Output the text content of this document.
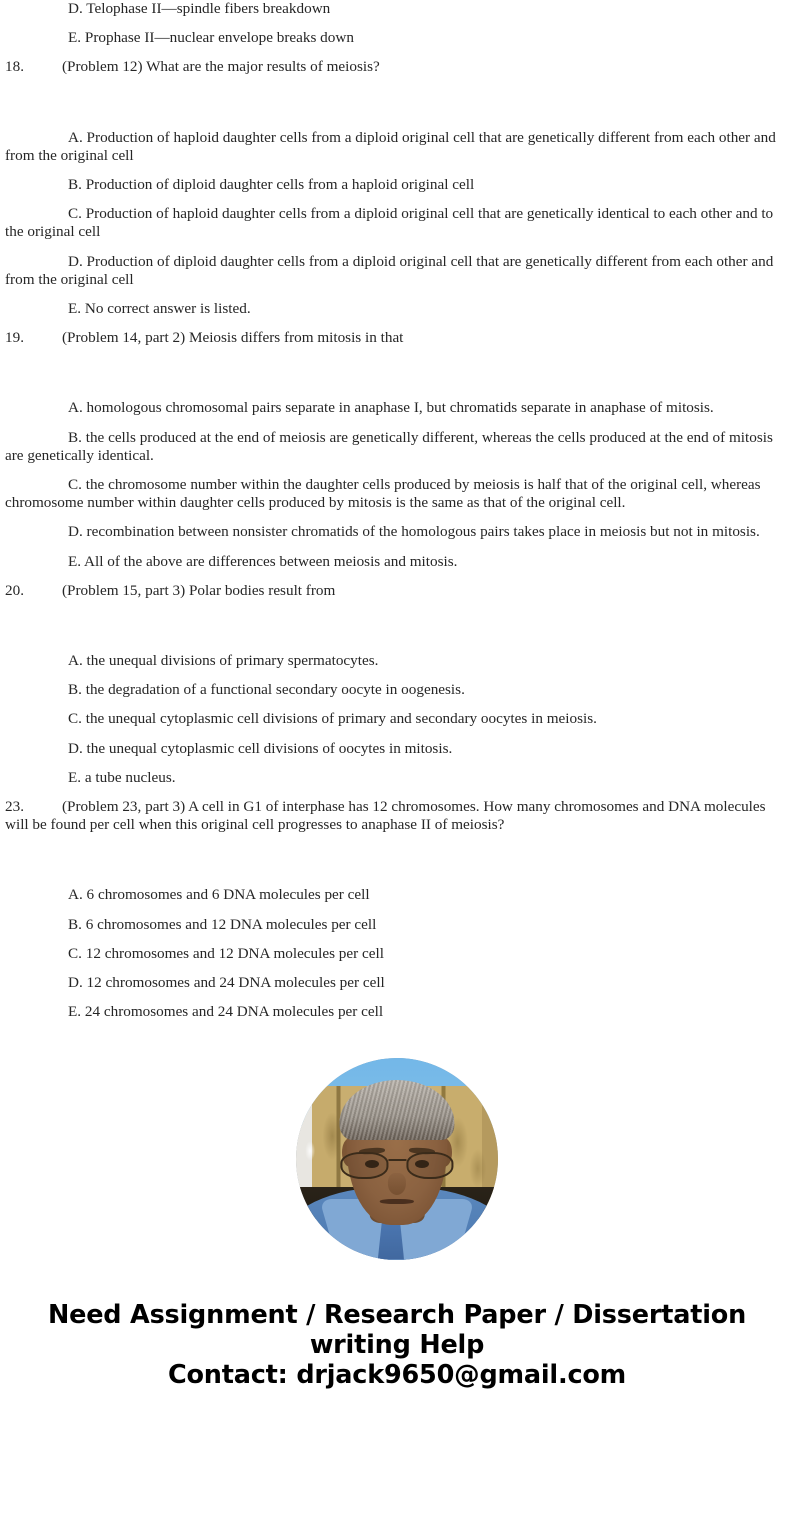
D. Telophase II—spindle fibers breakdown
E. Prophase II—nuclear envelope breaks down
18.	(Problem 12) What are the major results of meiosis?
A. Production of haploid daughter cells from a diploid original cell that are genetically different from each other and from the original cell
B. Production of diploid daughter cells from a haploid original cell
C. Production of haploid daughter cells from a diploid original cell that are genetically identical to each other and to the original cell
D. Production of diploid daughter cells from a diploid original cell that are genetically different from each other and from the original cell
E. No correct answer is listed.
19.	(Problem 14, part 2) Meiosis differs from mitosis in that
A. homologous chromosomal pairs separate in anaphase I, but chromatids separate in anaphase of mitosis.
B. the cells produced at the end of meiosis are genetically different, whereas the cells produced at the end of mitosis are genetically identical.
C. the chromosome number within the daughter cells produced by meiosis is half that of the original cell, whereas chromosome number within daughter cells produced by mitosis is the same as that of the original cell.
D. recombination between nonsister chromatids of the homologous pairs takes place in meiosis but not in mitosis.
E. All of the above are differences between meiosis and mitosis.
20.	(Problem 15, part 3) Polar bodies result from
A. the unequal divisions of primary spermatocytes.
B. the degradation of a functional secondary oocyte in oogenesis.
C. the unequal cytoplasmic cell divisions of primary and secondary oocytes in meiosis.
D. the unequal cytoplasmic cell divisions of oocytes in mitosis.
E. a tube nucleus.
23.	(Problem 23, part 3) A cell in G1 of interphase has 12 chromosomes. How many chromosomes and DNA molecules will be found per cell when this original cell progresses to anaphase II of meiosis?
A. 6 chromosomes and 6 DNA molecules per cell
B. 6 chromosomes and 12 DNA molecules per cell
C. 12 chromosomes and 12 DNA molecules per cell
D. 12 chromosomes and 24 DNA molecules per cell
E. 24 chromosomes and 24 DNA molecules per cell
Need Assignment / Research Paper / Dissertation
writing Help
Contact: drjack9650@gmail.com
